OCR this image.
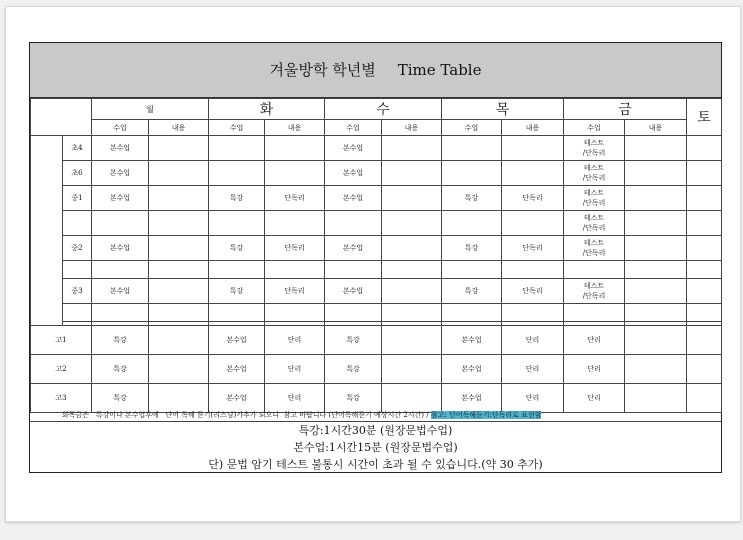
겨울방학 학년별 Time Table
		월		화		수		목		금		토
		수업	내용	수업	내용	수업	내용	수업	내용	수업	내용	
	초4	본수업				본수업				테스트
/단독리		

	초6	본수업				본수업				테스트
/단독리		

	중1	본수업		특강	단독리	본수업		특강	단독리	테스트
/단독리		

										테스트
/단독리		

	중2	본수업		특강	단독리	본수업		특강	단독리	테스트
/단독리		

	중3	본수업		특강	단독리	본수업		특강	단독리	테스트
/단독리		

고1		특강		본수업	단리	특강		본수업	단리	단리		
고2		특강		본수업	단리	특강		본수업	단리	단리		
고3		특강		본수업	단리	특강		본수업	단리	단리		
화목금은   특강이나 본수업후에   단어 독해 듣기(리스닝)가추가 되오니  참고 바랍니다 (단어독해듣기 예상시간 2시간) / 참고: 단어독해듣기:단독리로 표현함
특강:1시간30분 (원장문법수업)
본수업:1시간15분 (원장문법수업)
단) 문법 암기 테스트 불통시 시간이 초과 될 수 있습니다.(약 30 추가)
